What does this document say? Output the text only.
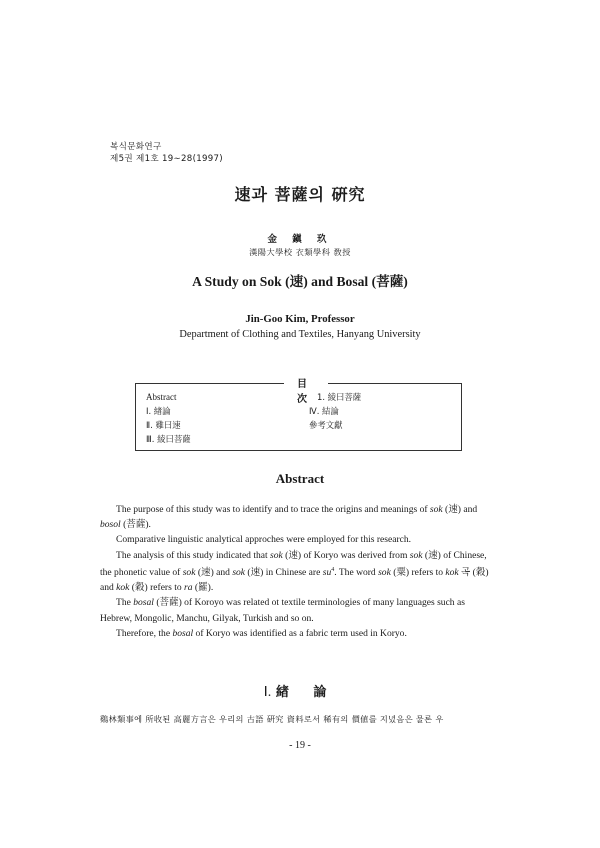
복식문화연구
제5권 제1호 19∼28(1997)
速과 菩薩의 硏究
金 鎭 玖
漢陽大學校 衣類學科 敎授
A Study on Sok (速) and Bosal (菩薩)
Jin-Goo Kim, Professor
Department of Clothing and Textiles, Hanyang University
目 次
Abstract
Ⅰ. 緖論
Ⅱ. 雞曰速
Ⅲ. 綾曰菩薩
1. 綾曰菩薩
Ⅳ. 結論
參考文獻
Abstract

The purpose of this study was to identify and to trace the origins and meanings of sok (速) and bosol (菩薩).

Comparative linguistic analytical approches were employed for this research.

The analysis of this study indicated that sok (速) of Koryo was derived from sok (速) of Chinese, the phonetic value of sok (速) and sok (速) in Chinese are $su^4$. The word sok (粟) refers to kok 곡 (穀) and kok (穀) refers to ra (羅).

The bosal (菩薩) of Koroyo was related ot textile terminologies of many languages such as Hebrew, Mongolic, Manchu, Gilyak, Turkish and so on.

Therefore, the bosal of Koryo was identified as a fabric term used in Koryo.

Ⅰ. 緖 論
鷄林類事에 所收된 高麗方言은 우리의 古語 硏究 資料로서 稀有의 價値를 지녔음은 물론 우
- 19 -
